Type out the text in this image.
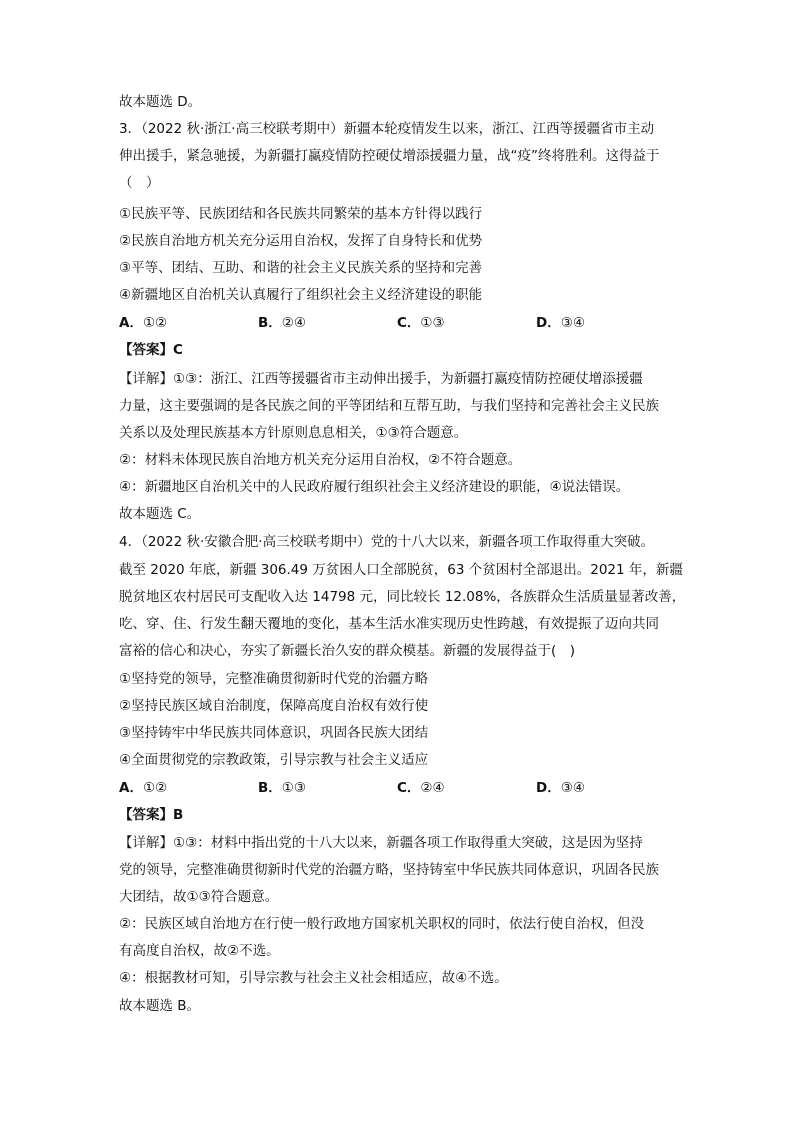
故本题选 D。
3．（2022 秋·浙江·高三校联考期中）新疆本轮疫情发生以来，浙江、江西等援疆省市主动
伸出援手，紧急驰援，为新疆打赢疫情防控硬仗增添援疆力量，战“疫”终将胜利。这得益于
（　）
①民族平等、民族团结和各民族共同繁荣的基本方针得以践行
②民族自治地方机关充分运用自治权，发挥了自身特长和优势
③平等、团结、互助、和谐的社会主义民族关系的坚持和完善
④新疆地区自治机关认真履行了组织社会主义经济建设的职能
A．①②	B．②④	C．①③	D．③④
【答案】C
【详解】①③：浙江、江西等援疆省市主动伸出援手，为新疆打赢疫情防控硬仗增添援疆
力量，这主要强调的是各民族之间的平等团结和互帮互助，与我们坚持和完善社会主义民族
关系以及处理民族基本方针原则息息相关，①③符合题意。
②：材料未体现民族自治地方机关充分运用自治权，②不符合题意。
④：新疆地区自治机关中的人民政府履行组织社会主义经济建设的职能，④说法错误。
故本题选 C。
4．（2022 秋·安徽合肥·高三校联考期中）党的十八大以来，新疆各项工作取得重大突破。
截至 2020 年底，新疆 306.49 万贫困人口全部脱贫，63 个贫困村全部退出。2021 年，新疆
脱贫地区农村居民可支配收入达 14798 元，同比较长 12.08%，各族群众生活质量显著改善，
吃、穿、住、行发生翻天覆地的变化，基本生活水准实现历史性跨越，有效提振了迈向共同
富裕的信心和决心，夯实了新疆长治久安的群众模基。新疆的发展得益于(　)
①坚持党的领导，完整准确贯彻新时代党的治疆方略
②坚持民族区域自治制度，保障高度自治权有效行使
③坚持铸牢中华民族共同体意识，巩固各民族大团结
④全面贯彻党的宗教政策，引导宗教与社会主义适应
A．①②	B．①③	C．②④	D．③④
【答案】B
【详解】①③：材料中指出党的十八大以来，新疆各项工作取得重大突破，这是因为坚持
党的领导，完整准确贯彻新时代党的治疆方略，坚持铸室中华民族共同体意识，巩固各民族
大团结，故①③符合题意。
②：民族区域自治地方在行使一般行政地方国家机关职权的同时，依法行使自治权，但没
有高度自治权，故②不选。
④：根据教材可知，引导宗教与社会主义社会相适应，故④不选。
故本题选 B。
